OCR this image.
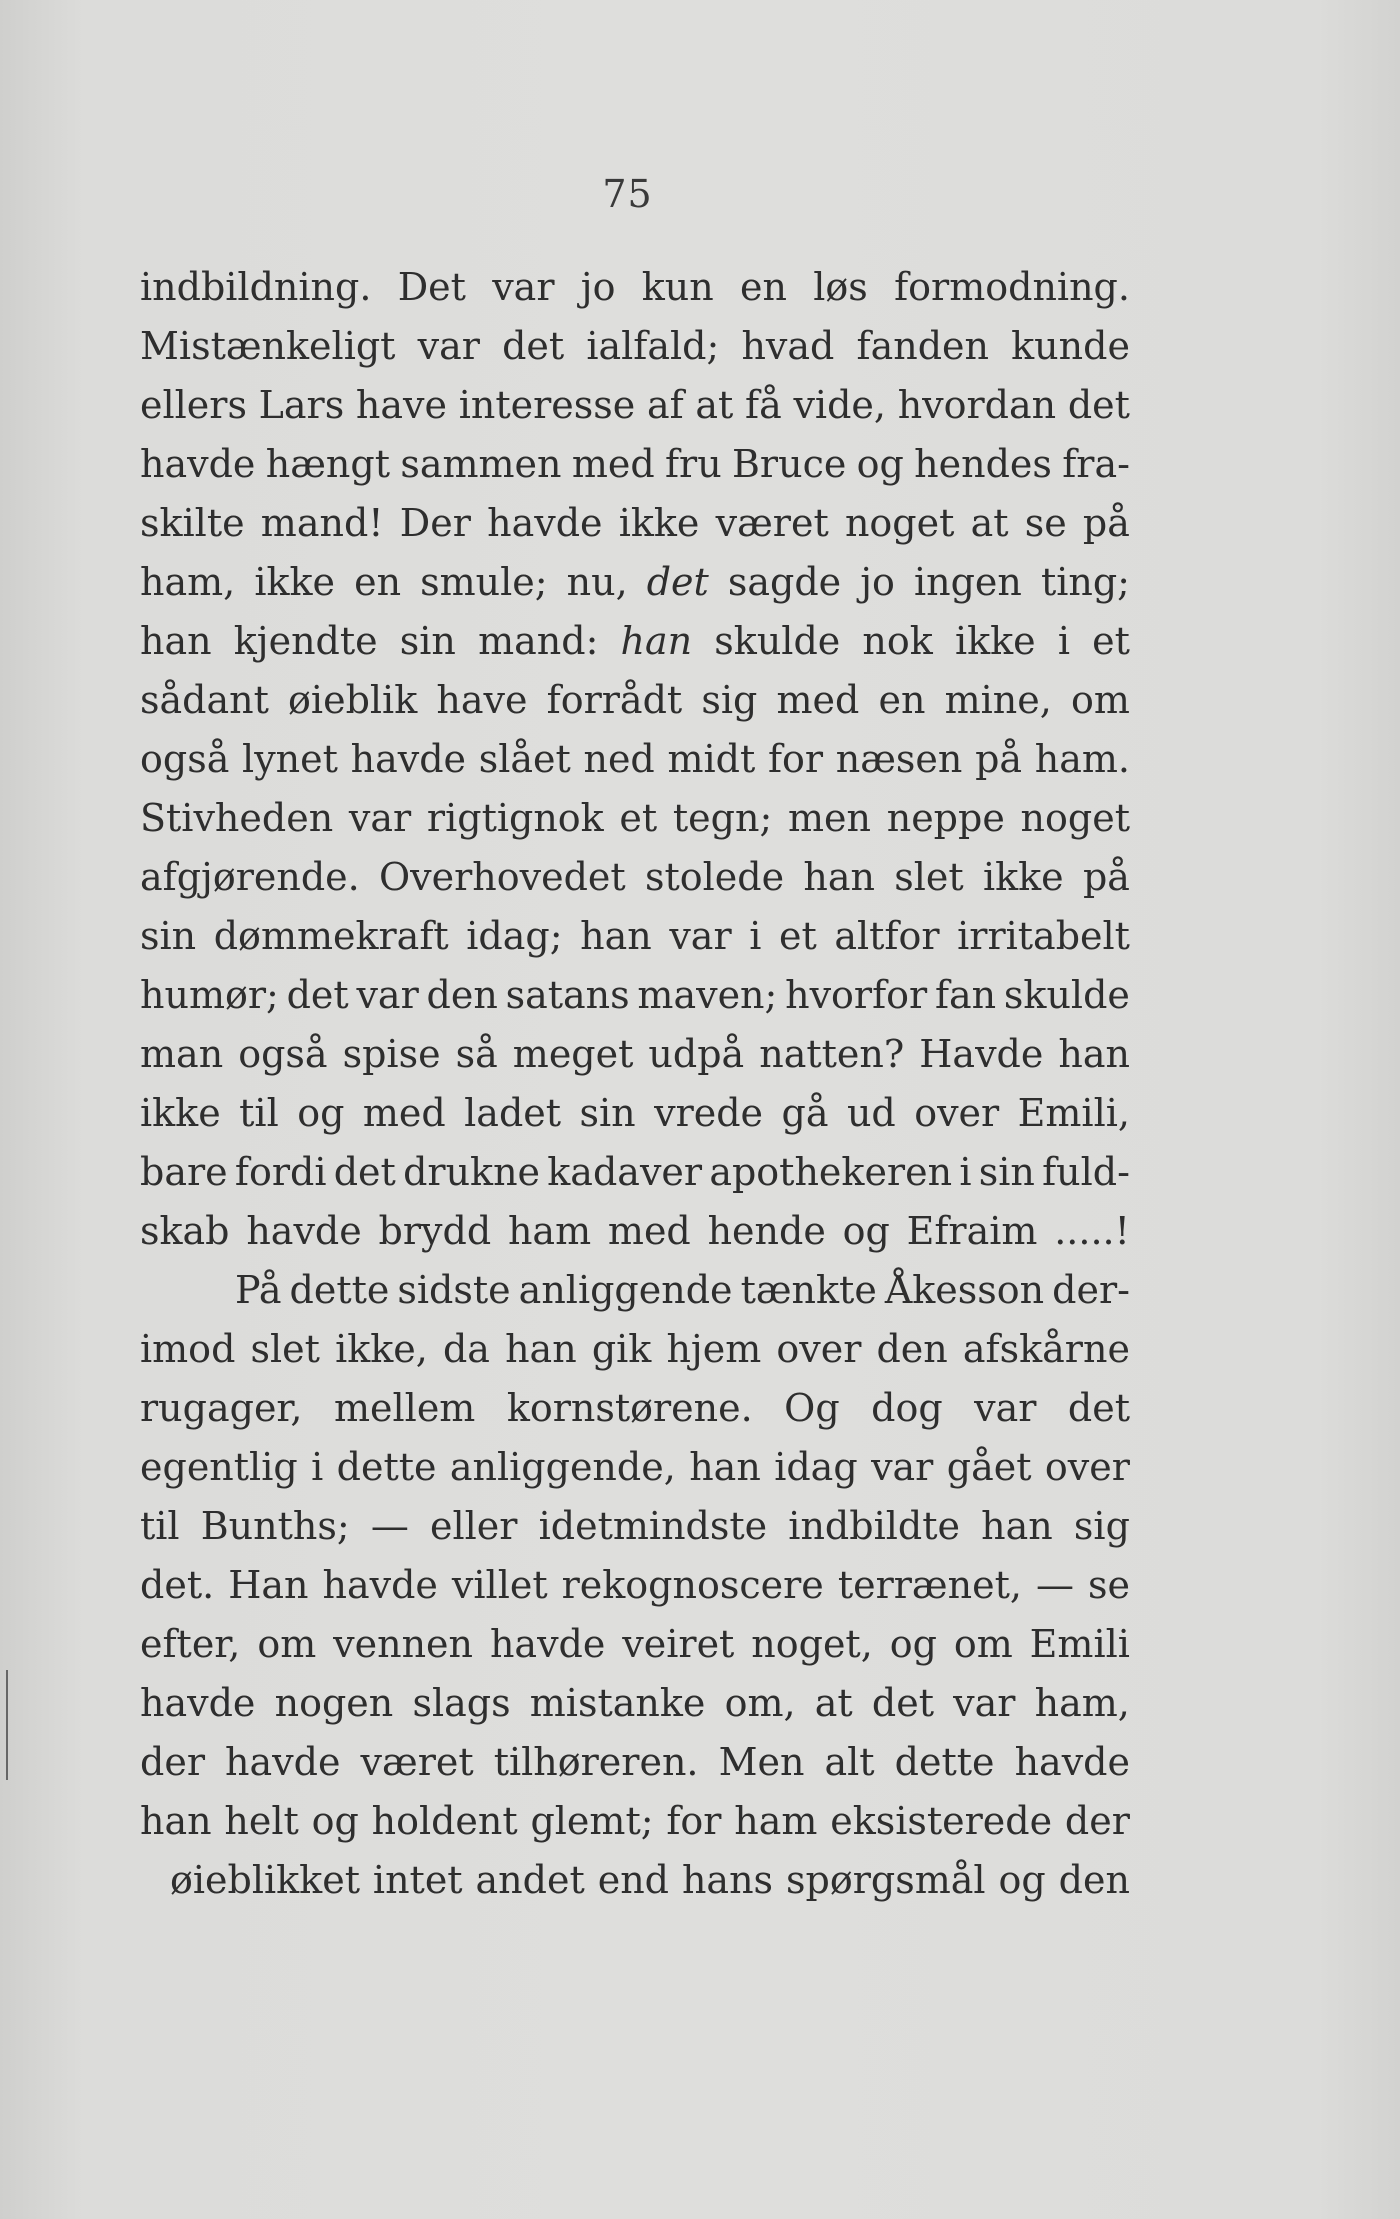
75
indbildning. Det var jo kun en løs formodning.
Mistænkeligt var det ialfald; hvad fanden kunde
ellers Lars have interesse af at få vide, hvordan det
havde hængt sammen med fru Bruce og hendes fra-
skilte mand! Der havde ikke været noget at se på
ham, ikke en smule; nu, det sagde jo ingen ting;
han kjendte sin mand: han skulde nok ikke i et
sådant øieblik have forrådt sig med en mine, om
også lynet havde slået ned midt for næsen på ham.
Stivheden var rigtignok et tegn; men neppe noget
afgjørende. Overhovedet stolede han slet ikke på
sin dømmekraft idag; han var i et altfor irritabelt
humør; det var den satans maven; hvorfor fan skulde
man også spise så meget udpå natten? Havde han
ikke til og med ladet sin vrede gå ud over Emili,
bare fordi det drukne kadaver apothekeren i sin fuld-
skab havde brydd ham med hende og Efraim .....!
På dette sidste anliggende tænkte Åkesson der-
imod slet ikke, da han gik hjem over den afskårne
rugager, mellem kornstørene. Og dog var det
egentlig i dette anliggende, han idag var gået over
til Bunths; — eller idetmindste indbildte han sig
det. Han havde villet rekognoscere terrænet, — se
efter, om vennen havde veiret noget, og om Emili
havde nogen slags mistanke om, at det var ham,
der havde været tilhøreren. Men alt dette havde
han helt og holdent glemt; for ham eksisterede der
øieblikket intet andet end hans spørgsmål og den
